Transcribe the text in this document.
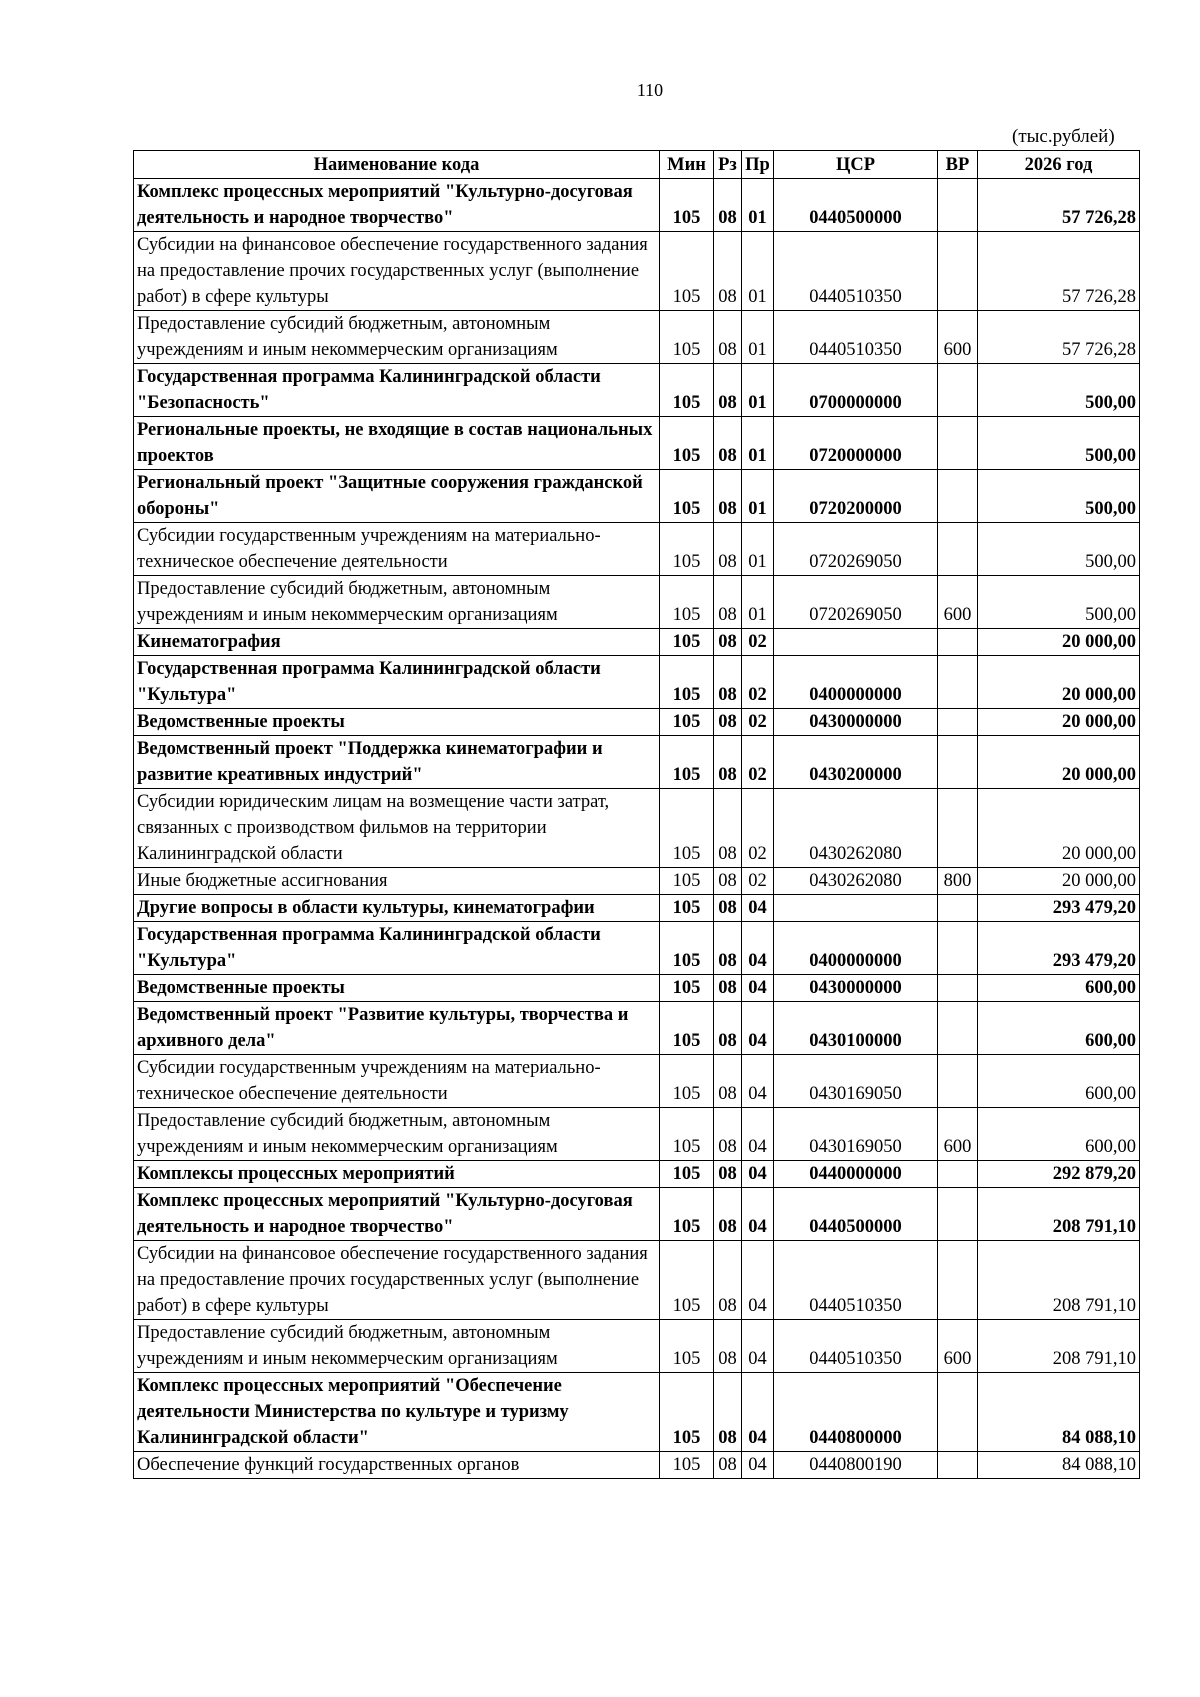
110
(тыс.рублей)
Наименование кода	Мин	Рз	Пр	ЦСР	ВР	2026 год
Комплекс процессных мероприятий "Культурно-досуговая деятельность и народное творчество"	105	08	01	0440500000		57 726,28
Субсидии на финансовое обеспечение государственного задания на предоставление прочих государственных услуг (выполнение работ) в сфере культуры	105	08	01	0440510350		57 726,28
Предоставление субсидий бюджетным, автономным учреждениям и иным некоммерческим организациям	105	08	01	0440510350	600	57 726,28
Государственная программа Калининградской области "Безопасность"	105	08	01	0700000000		500,00
Региональные проекты, не входящие в состав национальных проектов	105	08	01	0720000000		500,00
Региональный проект "Защитные сооружения гражданской обороны"	105	08	01	0720200000		500,00
Субсидии государственным учреждениям на материально-техническое обеспечение деятельности	105	08	01	0720269050		500,00
Предоставление субсидий бюджетным, автономным учреждениям и иным некоммерческим организациям	105	08	01	0720269050	600	500,00
Кинематография	105	08	02			20 000,00
Государственная программа Калининградской области "Культура"	105	08	02	0400000000		20 000,00
Ведомственные проекты	105	08	02	0430000000		20 000,00
Ведомственный проект "Поддержка кинематографии и развитие креативных индустрий"	105	08	02	0430200000		20 000,00
Субсидии юридическим лицам на возмещение части затрат, связанных с производством фильмов на территории Калининградской области	105	08	02	0430262080		20 000,00
Иные бюджетные ассигнования	105	08	02	0430262080	800	20 000,00
Другие вопросы в области культуры, кинематографии	105	08	04			293 479,20
Государственная программа Калининградской области "Культура"	105	08	04	0400000000		293 479,20
Ведомственные проекты	105	08	04	0430000000		600,00
Ведомственный проект "Развитие культуры, творчества и архивного дела"	105	08	04	0430100000		600,00
Субсидии государственным учреждениям на материально-техническое обеспечение деятельности	105	08	04	0430169050		600,00
Предоставление субсидий бюджетным, автономным учреждениям и иным некоммерческим организациям	105	08	04	0430169050	600	600,00
Комплексы процессных мероприятий	105	08	04	0440000000		292 879,20
Комплекс процессных мероприятий "Культурно-досуговая деятельность и народное творчество"	105	08	04	0440500000		208 791,10
Субсидии на финансовое обеспечение государственного задания на предоставление прочих государственных услуг (выполнение работ) в сфере культуры	105	08	04	0440510350		208 791,10
Предоставление субсидий бюджетным, автономным учреждениям и иным некоммерческим организациям	105	08	04	0440510350	600	208 791,10
Комплекс процессных мероприятий "Обеспечение деятельности Министерства по культуре и туризму Калининградской области"	105	08	04	0440800000		84 088,10
Обеспечение функций государственных органов	105	08	04	0440800190		84 088,10
